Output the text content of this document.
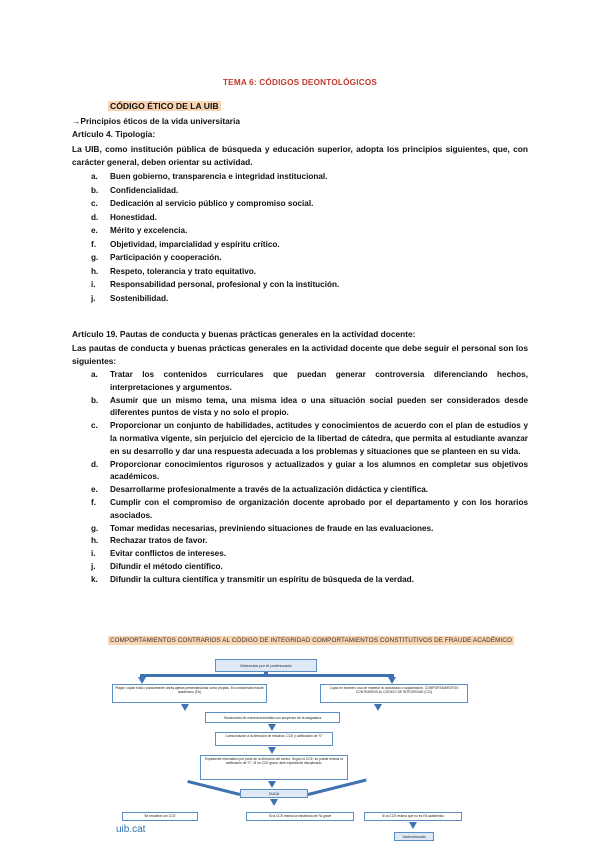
TEMA 6: CÓDIGOS DEONTOLÓGICOS
CÓDIGO ÉTICO DE LA UIB
→Principios éticos de la vida universitaria
Artículo 4. Tipología:
La UIB, como institución pública de búsqueda y educación superior, adopta los principios siguientes, que, con carácter general, deben orientar su actividad.
a. Buen gobierno, transparencia e integridad institucional.
b. Confidencialidad.
c. Dedicación al servicio público y compromiso social.
d. Honestidad.
e. Mérito y excelencia.
f. Objetividad, imparcialidad y espíritu crítico.
g. Participación y cooperación.
h. Respeto, tolerancia y trato equitativo.
i. Responsabilidad personal, profesional y con la institución.
j. Sostenibilidad.
Artículo 19. Pautas de conducta y buenas prácticas generales en la actividad docente:
Las pautas de conducta y buenas prácticas generales en la actividad docente que debe seguir el personal son los siguientes:
a. Tratar los contenidos curriculares que puedan generar controversia diferenciando hechos, interpretaciones y argumentos.
b. Asumir que un mismo tema, una misma idea o una situación social pueden ser considerados desde diferentes puntos de vista y no solo el propio.
c. Proporcionar un conjunto de habilidades, actitudes y conocimientos de acuerdo con el plan de estudios y la normativa vigente, sin perjuicio del ejercicio de la libertad de cátedra, que permita al estudiante avanzar en su desarrollo y dar una respuesta adecuada a los problemas y situaciones que se planteen en su vida.
d. Proporcionar conocimientos rigurosos y actualizados y guiar a los alumnos en completar sus objetivos académicos.
e. Desarrollarme profesionalmente a través de la actualización didáctica y científica.
f. Cumplir con el compromiso de organización docente aprobado por el departamento y con los horarios asociados.
g. Tomar medidas necesarias, previniendo situaciones de fraude en las evaluaciones.
h. Rechazar tratos de favor.
i. Evitar conflictos de intereses.
j. Difundir el método científico.
k. Difundir la cultura científica y transmitir un espíritu de búsqueda de la verdad.
COMPORTAMIENTOS CONTRARIOS AL CÓDIGO DE INTEGRIDAD COMPORTAMIENTOS CONSTITUTIVOS DE FRAUDE ACADÉMICO
Detección por el profesorado
Plagio: copiar total o parcialmente obras ajenas presentándolas como propias. Es considerado fraude académico (FA)
Copia en examen: uso de material no autorizado o suplantación. COMPORTAMIENTOS CONTRARIOS AL CÓDIGO DE INTEGRIDAD (CCI)
Sancionado de manera inmediata con suspenso de la asignatura
Comunicación a la dirección de estudios. CCE y calificación de "0"
Expediente informativo por parte de la dirección del centro. Según la CCE: se puede reiterar la calificación de "0". Si es CCE grave: abrir expediente disciplinario.
DUDA
Se resuelve con CCE	Si la CCE estima la existencia de FA grave	Si la CCE estima que no es FA académico
Vicerrectorado
uib.cat
